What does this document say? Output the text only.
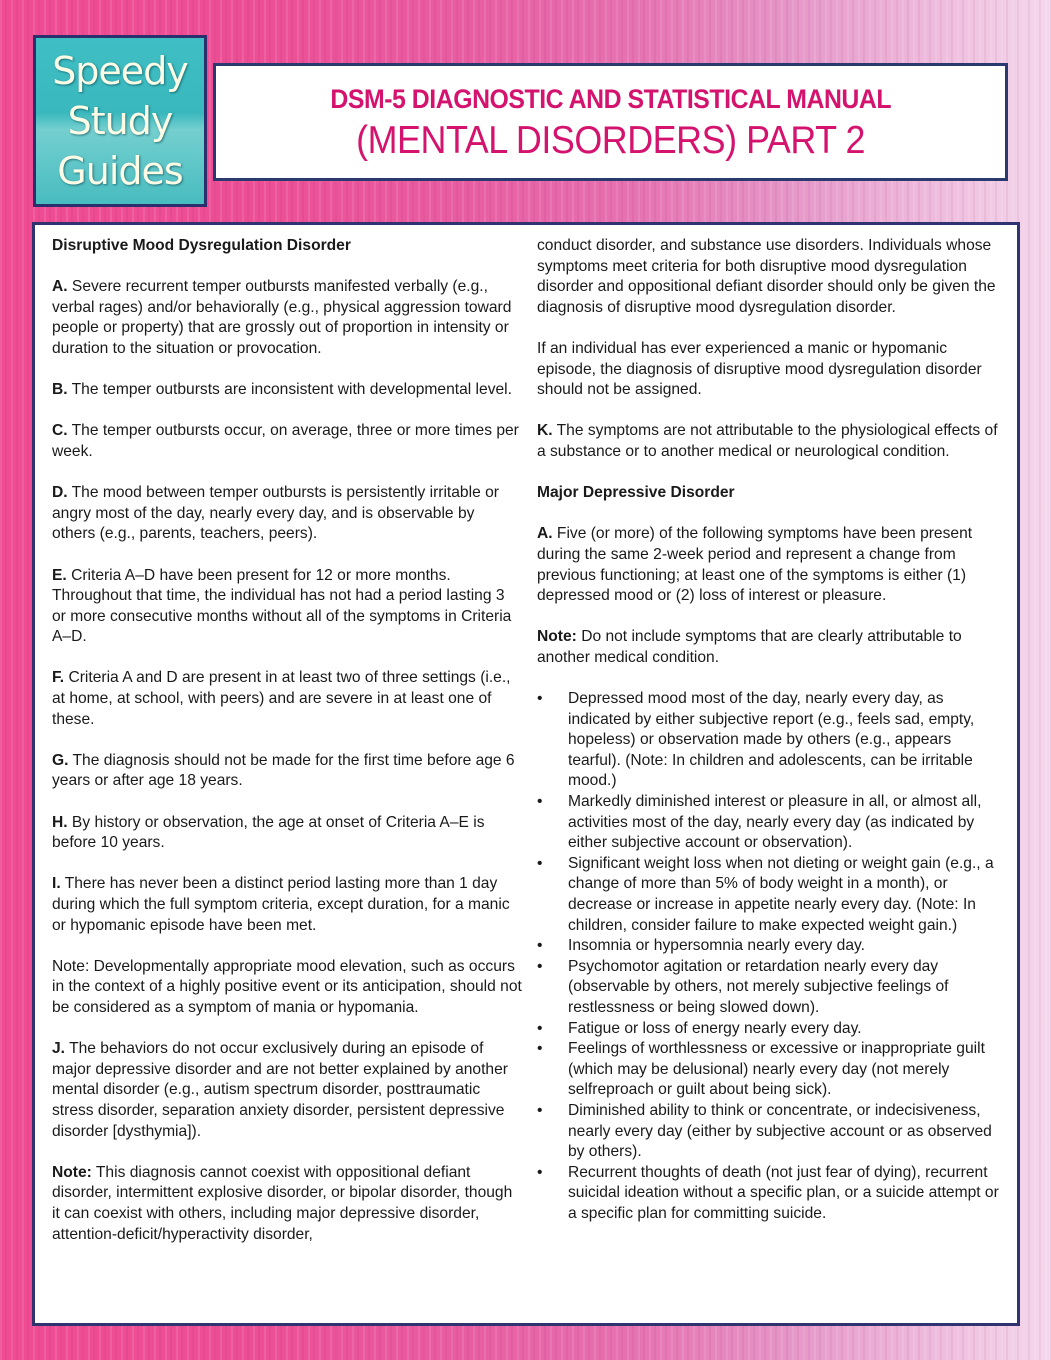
Speedy
Study
Guides
DSM-5 DIAGNOSTIC AND STATISTICAL MANUAL
(MENTAL DISORDERS) PART 2

Disruptive Mood Dysregulation Disorder

A. Severe recurrent temper outbursts manifested verbally (e.g., verbal rages) and/or behaviorally (e.g., physical aggression toward people or property) that are grossly out of proportion in intensity or duration to the situation or provocation.

B. The temper outbursts are inconsistent with developmental level.

C. The temper outbursts occur, on average, three or more times per week.

D. The mood between temper outbursts is persistently irritable or angry most of the day, nearly every day, and is observable by others (e.g., parents, teachers, peers).

E. Criteria A–D have been present for 12 or more months. Throughout that time, the individual has not had a period lasting 3 or more consecutive months without all of the symptoms in Criteria A–D.

F. Criteria A and D are present in at least two of three settings (i.e., at home, at school, with peers) and are severe in at least one of these.

G. The diagnosis should not be made for the first time before age 6 years or after age 18 years.

H. By history or observation, the age at onset of Criteria A–E is before 10 years.

I. There has never been a distinct period lasting more than 1 day during which the full symptom criteria, except duration, for a manic or hypomanic episode have been met.

Note: Developmentally appropriate mood elevation, such as occurs in the context of a highly positive event or its anticipation, should not be considered as a symptom of mania or hypomania.

J. The behaviors do not occur exclusively during an episode of major depressive disorder and are not better explained by another mental disorder (e.g., autism spectrum disorder, posttraumatic stress disorder, separation anxiety disorder, persistent depressive disorder [dysthymia]).

Note: This diagnosis cannot coexist with oppositional defiant disorder, intermittent explosive disorder, or bipolar disorder, though it can coexist with others, including major depressive disorder, attention-deficit/hyperactivity disorder,

conduct disorder, and substance use disorders. Individuals whose symptoms meet criteria for both disruptive mood dysregulation disorder and oppositional defiant disorder should only be given the diagnosis of disruptive mood dysregulation disorder.

If an individual has ever experienced a manic or hypomanic episode, the diagnosis of disruptive mood dysregulation disorder should not be assigned.

K. The symptoms are not attributable to the physiological effects of a substance or to another medical or neurological condition.

Major Depressive Disorder

A. Five (or more) of the following symptoms have been present during the same 2-week period and represent a change from previous functioning; at least one of the symptoms is either (1) depressed mood or (2) loss of interest or pleasure.

Note: Do not include symptoms that are clearly attributable to another medical condition.

• Depressed mood most of the day, nearly every day, as indicated by either subjective report (e.g., feels sad, empty, hopeless) or observation made by others (e.g., appears tearful). (Note: In children and adolescents, can be irritable mood.)
• Markedly diminished interest or pleasure in all, or almost all, activities most of the day, nearly every day (as indicated by either subjective account or observation).
• Significant weight loss when not dieting or weight gain (e.g., a change of more than 5% of body weight in a month), or decrease or increase in appetite nearly every day. (Note: In children, consider failure to make expected weight gain.)
• Insomnia or hypersomnia nearly every day.
• Psychomotor agitation or retardation nearly every day (observable by others, not merely subjective feelings of restlessness or being slowed down).
• Fatigue or loss of energy nearly every day.
• Feelings of worthlessness or excessive or inappropriate guilt (which may be delusional) nearly every day (not merely selfreproach or guilt about being sick).
• Diminished ability to think or concentrate, or indecisiveness, nearly every day (either by subjective account or as observed by others).
• Recurrent thoughts of death (not just fear of dying), recurrent suicidal ideation without a specific plan, or a suicide attempt or a specific plan for committing suicide.
